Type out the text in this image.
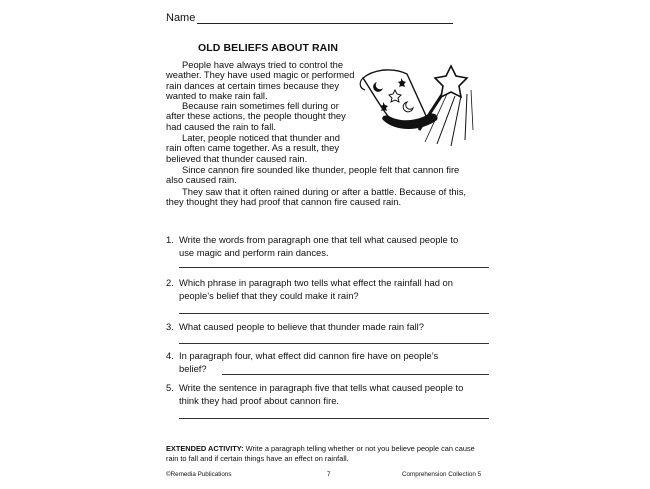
Name
OLD BELIEFS ABOUT RAIN

People have always tried to control the weather. They have used magic or performed rain dances at certain times because they wanted to make rain fall.

Because rain sometimes fell during or after these actions, the people thought they had caused the rain to fall.

Later, people noticed that thunder and rain often came together. As a result, they believed that thunder caused rain.

Since cannon fire sounded like thunder, people felt that cannon fire also caused rain.

They saw that it often rained during or after a battle. Because of this, they thought they had proof that cannon fire caused rain.

1. Write the words from paragraph one that tell what caused people to use magic and perform rain dances.
2. Which phrase in paragraph two tells what effect the rainfall had on people’s belief that they could make it rain?
3. What caused people to believe that thunder made rain fall?
4. In paragraph four, what effect did cannon fire have on people’s belief?
5. Write the sentence in paragraph five that tells what caused people to think they had proof about cannon fire.
EXTENDED ACTIVITY: Write a paragraph telling whether or not you believe people can cause rain to fall and if certain things have an effect on rainfall.
©Remedia Publications	7	Comprehension Collection 5
